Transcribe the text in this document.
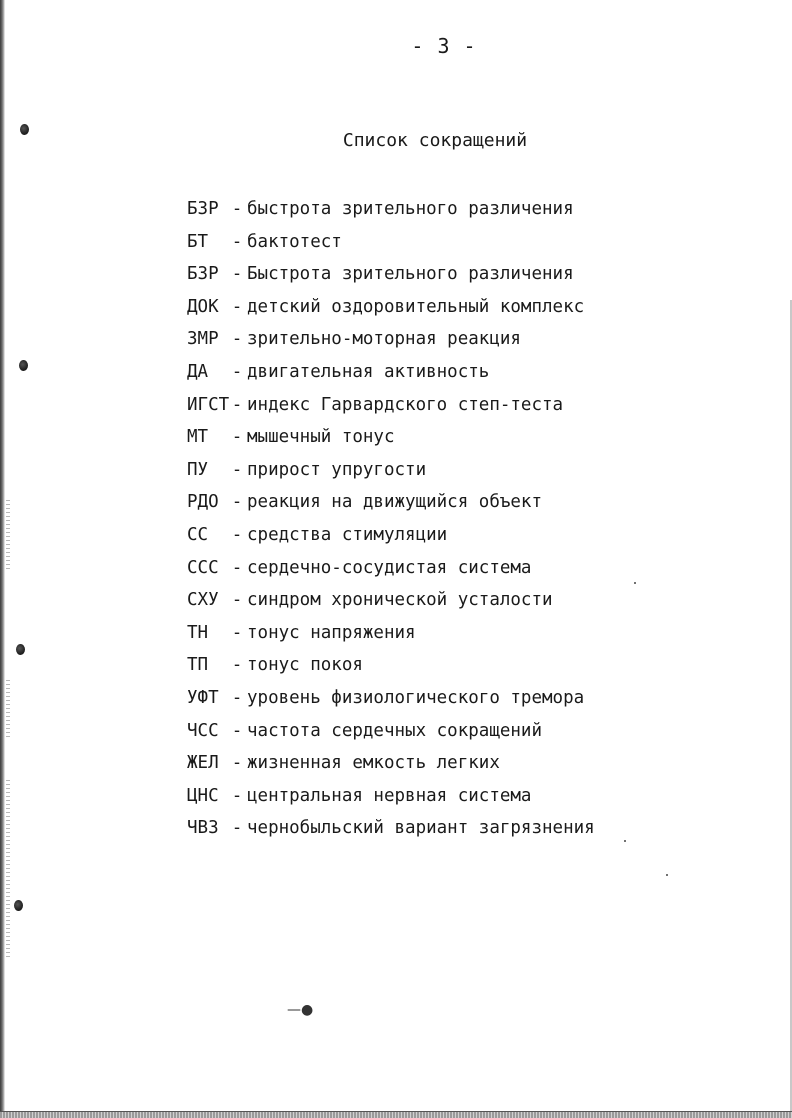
—●
- 3 -
Список сокращений
БЗР - быстрота зрительного различения
БТ	- бактотест
БЗР - Быстрота зрительного различения
ДОК - детский оздоровительный комплекс
ЗМР - зрительно-моторная реакция
ДА	- двигательная активность
ИГСТ - индекс Гарвардского степ-теста
МТ	- мышечный тонус
ПУ	- прирост упругости
РДО - реакция на движущийся объект
СС	- средства стимуляции
ССС - сердечно-сосудистая система
СХУ - синдром хронической усталости
ТН	- тонус напряжения
ТП	- тонус покоя
УФТ - уровень физиологического тремора
ЧСС - частота сердечных сокращений
ЖЕЛ - жизненная емкость легких
ЦНС - центральная нервная система
ЧВЗ - чернобыльский вариант загрязнения
